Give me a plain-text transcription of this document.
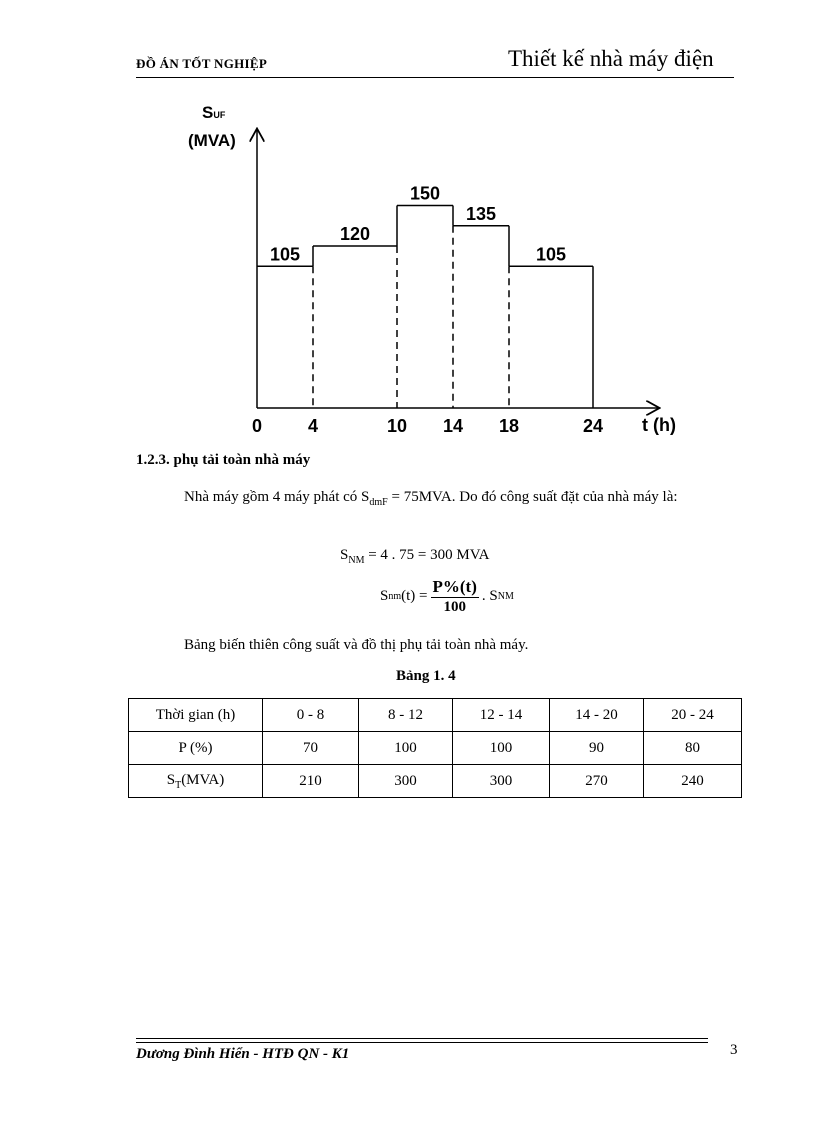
ĐỒ ÁN TỐT NGHIỆP	Thiết kế nhà máy điện
105
120
150
135
105
0	4	10 14 18	24
SUF
(MVA)
t (h)
1.2.3. phụ tải toàn nhà máy
Nhà máy gồm 4 máy phát có $S_{dmF} = 75MVA$. Do đó công suất đặt của nhà máy là:
$S_{NM} = 4$ . 75 = 300 MVA
S nm $(t) = \frac{P\%(t)}{100}$ . S NM
Bảng biến thiên công suất và đồ thị phụ tải toàn nhà máy.
Bảng 1. 4
Thời gian (h)	0 - 8	8 - 12	12 - 14	14 - 20	20 - 24
P (%)	70	100	100	90	80
$S_T(MVA)$	210	300	300	270	240
Dương Đình Hiển - HTĐ QN - K1	3
